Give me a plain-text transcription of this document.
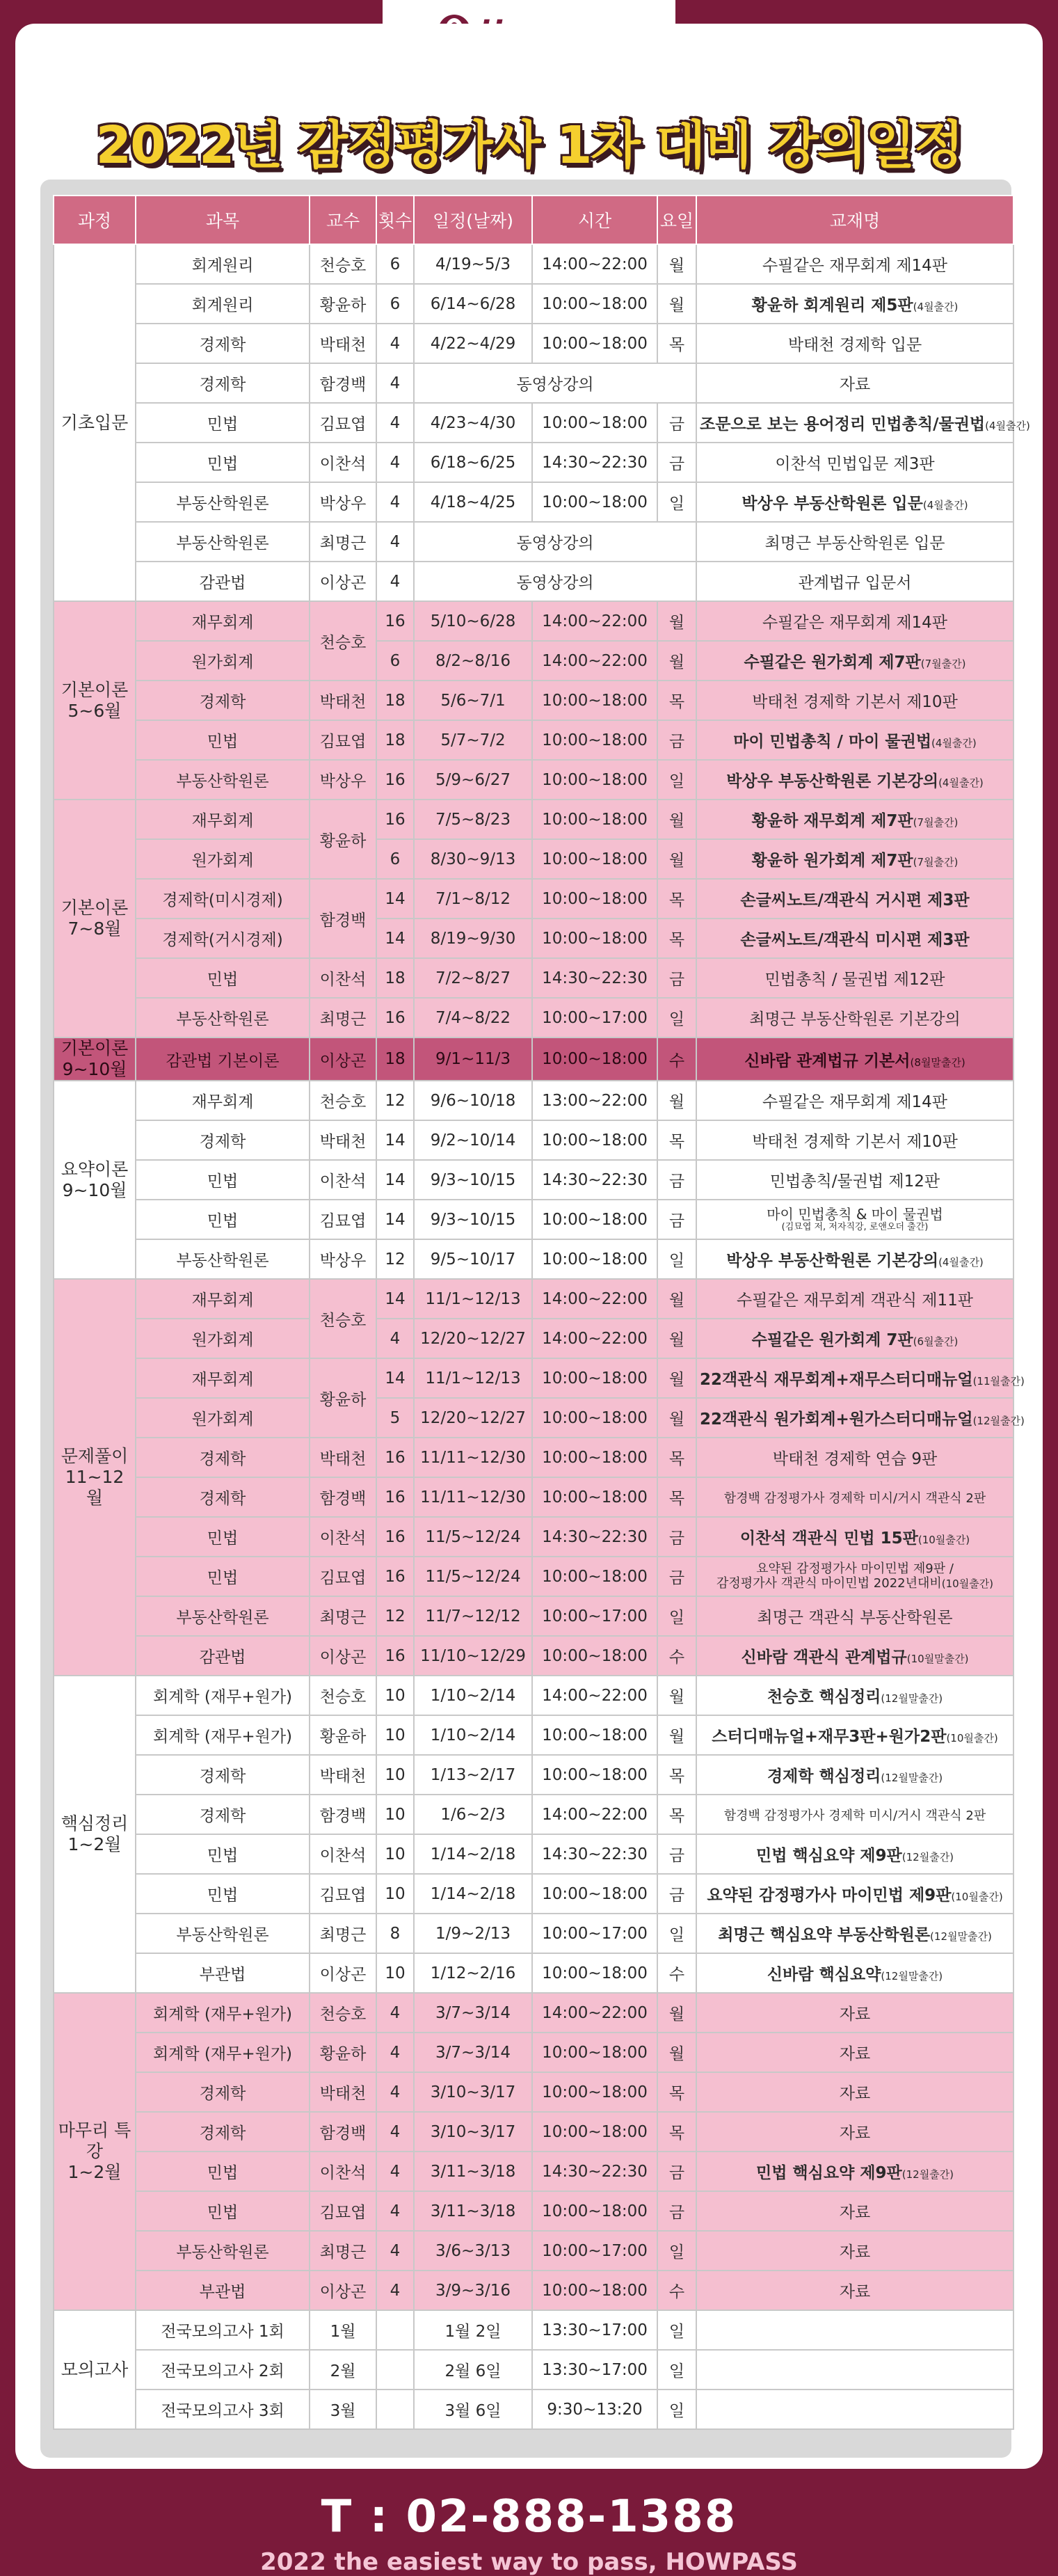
2022년 감정평가사 1차 대비 강의일정
과정	과목	교수	횟수	일정(날짜)	시간	요일	교재명
기초입문	회계원리	천승호	6	4/19~5/3	14:00~22:00	월	수필같은 재무회계 제14판
	회계원리	황윤하	6	6/14~6/28	10:00~18:00	월	황윤하 회계원리 제5판(4월출간)
	경제학	박태천	4	4/22~4/29	10:00~18:00	목	박태천 경제학 입문
	경제학	함경백	4	동영상강의			자료
	민법	김묘엽	4	4/23~4/30	10:00~18:00	금	조문으로 보는 용어정리 민법총칙/물권법(4월출간)
	민법	이찬석	4	6/18~6/25	14:30~22:30	금	이찬석 민법입문 제3판
	부동산학원론	박상우	4	4/18~4/25	10:00~18:00	일	박상우 부동산학원론 입문(4월출간)
	부동산학원론	최명근	4	동영상강의			최명근 부동산학원론 입문
	감관법	이상곤	4	동영상강의			관계법규 입문서
기본이론
5~6월	재무회계	천승호	16	5/10~6/28	14:00~22:00	월	수필같은 재무회계 제14판
	원가회계		6	8/2~8/16	14:00~22:00	월	수필같은 원가회계 제7판(7월출간)
	경제학	박태천	18	5/6~7/1	10:00~18:00	목	박태천 경제학 기본서 제10판
	민법	김묘엽	18	5/7~7/2	10:00~18:00	금	마이 민법총칙 / 마이 물권법(4월출간)
	부동산학원론	박상우	16	5/9~6/27	10:00~18:00	일	박상우 부동산학원론 기본강의(4월출간)
기본이론
7~8월	재무회계	황윤하	16	7/5~8/23	10:00~18:00	월	황윤하 재무회계 제7판(7월출간)
	원가회계		6	8/30~9/13	10:00~18:00	월	황윤하 원가회계 제7판(7월출간)
	경제학(미시경제)	함경백	14	7/1~8/12	10:00~18:00	목	손글씨노트/객관식 거시편 제3판
	경제학(거시경제)		14	8/19~9/30	10:00~18:00	목	손글씨노트/객관식 미시편 제3판
	민법	이찬석	18	7/2~8/27	14:30~22:30	금	민법총칙 / 물권법 제12판
	부동산학원론	최명근	16	7/4~8/22	10:00~17:00	일	최명근 부동산학원론 기본강의
기본이론
9~10월	감관법 기본이론	이상곤	18	9/1~11/3	10:00~18:00	수	신바람 관계법규 기본서(8월말출간)
요약이론
9~10월	재무회계	천승호	12	9/6~10/18	13:00~22:00	월	수필같은 재무회계 제14판
	경제학	박태천	14	9/2~10/14	10:00~18:00	목	박태천 경제학 기본서 제10판
	민법	이찬석	14	9/3~10/15	14:30~22:30	금	민법총칙/물권법 제12판
	민법	김묘엽	14	9/3~10/15	10:00~18:00	금	마이 민법총칙 & 마이 물권법
(김묘엽 저, 저자직강, 로앤오더 출간)

	부동산학원론	박상우	12	9/5~10/17	10:00~18:00	일	박상우 부동산학원론 기본강의(4월출간)
문제풀이
11~12월	재무회계	천승호	14	11/1~12/13	14:00~22:00	월	수필같은 재무회계 객관식 제11판
	원가회계		4	12/20~12/27	14:00~22:00	월	수필같은 원가회계 7판(6월출간)
	재무회계	황윤하	14	11/1~12/13	10:00~18:00	월	22객관식 재무회계+재무스터디매뉴얼(11월출간)
	원가회계		5	12/20~12/27	10:00~18:00	월	22객관식 원가회계+원가스터디매뉴얼(12월출간)
	경제학	박태천	16	11/11~12/30	10:00~18:00	목	박태천 경제학 연습 9판
	경제학	함경백	16	11/11~12/30	10:00~18:00	목	함경백 감정평가사 경제학 미시/거시 객관식 2판
	민법	이찬석	16	11/5~12/24	14:30~22:30	금	이찬석 객관식 민법 15판(10월출간)
	민법	김묘엽	16	11/5~12/24	10:00~18:00	금	요약된 감정평가사 마이민법 제9판 /
감정평가사 객관식 마이민법 2022년대비(10월출간)
	부동산학원론	최명근	12	11/7~12/12	10:00~17:00	일	최명근 객관식 부동산학원론
	감관법	이상곤	16	11/10~12/29	10:00~18:00	수	신바람 객관식 관계법규(10월말출간)
핵심정리
1~2월	회계학 (재무+원가)	천승호	10	1/10~2/14	14:00~22:00	월	천승호 핵심정리(12월말출간)
	회계학 (재무+원가)	황윤하	10	1/10~2/14	10:00~18:00	월	스터디매뉴얼+재무3판+원가2판(10월출간)
	경제학	박태천	10	1/13~2/17	10:00~18:00	목	경제학 핵심정리(12월말출간)
	경제학	함경백	10	1/6~2/3	14:00~22:00	목	함경백 감정평가사 경제학 미시/거시 객관식 2판
	민법	이찬석	10	1/14~2/18	14:30~22:30	금	민법 핵심요약 제9판(12월출간)
	민법	김묘엽	10	1/14~2/18	10:00~18:00	금	요약된 감정평가사 마이민법 제9판(10월출간)
	부동산학원론	최명근	8	1/9~2/13	10:00~17:00	일	최명근 핵심요약 부동산학원론(12월말출간)
	부관법	이상곤	10	1/12~2/16	10:00~18:00	수	신바람 핵심요약(12월말출간)
마무리 특강
1~2월	회계학 (재무+원가)	천승호	4	3/7~3/14	14:00~22:00	월	자료
	회계학 (재무+원가)	황윤하	4	3/7~3/14	10:00~18:00	월	자료
	경제학	박태천	4	3/10~3/17	10:00~18:00	목	자료
	경제학	함경백	4	3/10~3/17	10:00~18:00	목	자료
	민법	이찬석	4	3/11~3/18	14:30~22:30	금	민법 핵심요약 제9판(12월출간)
	민법	김묘엽	4	3/11~3/18	10:00~18:00	금	자료
	부동산학원론	최명근	4	3/6~3/13	10:00~17:00	일	자료
	부관법	이상곤	4	3/9~3/16	10:00~18:00	수	자료
모의고사	전국모의고사 1회	1월		1월 2일	13:30~17:00	일	
	전국모의고사 2회	2월		2월 6일	13:30~17:00	일	
	전국모의고사 3회	3월		3월 6일	9:30~13:20	일	
T : 02-888-1388
2022 the easiest way to pass, HOWPASS
